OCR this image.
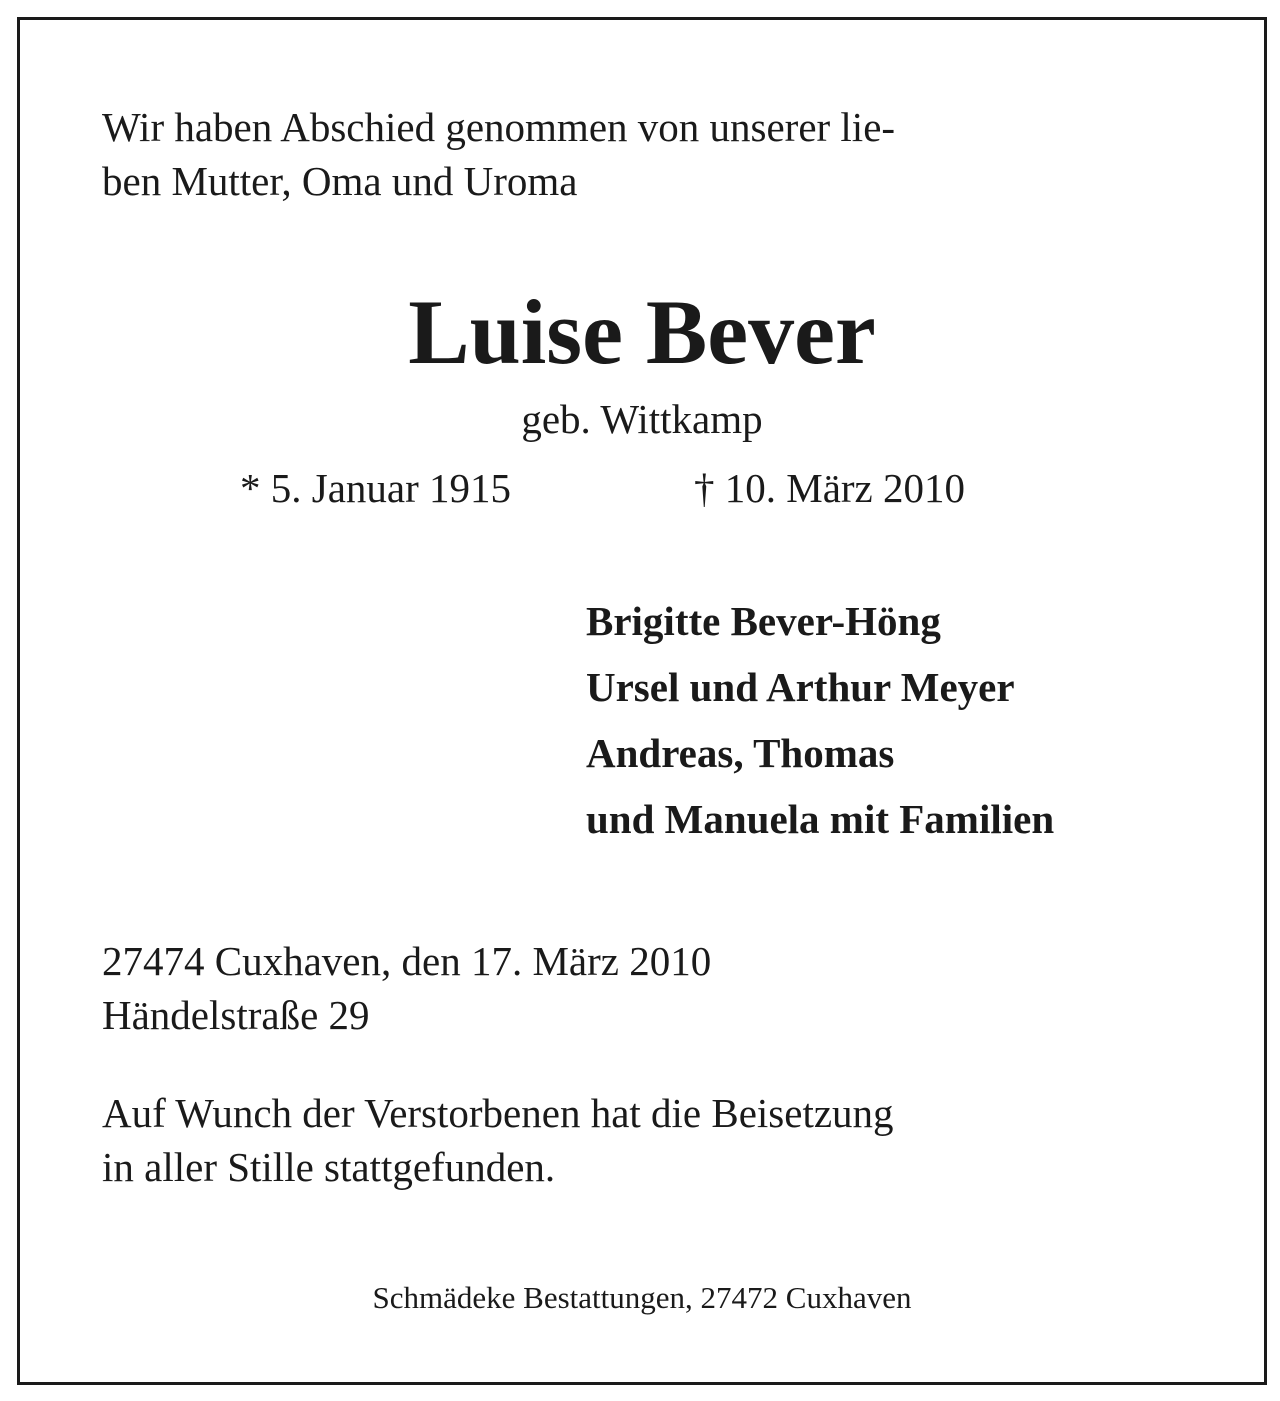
Wir haben Abschied genommen von unserer lie-
ben Mutter, Oma und Uroma
Luise Bever
geb. Wittkamp
* 5. Januar 1915	† 10. März 2010
Brigitte Bever-Höng
Ursel und Arthur Meyer
Andreas, Thomas
und Manuela mit Familien
27474 Cuxhaven, den 17. März 2010
Händelstraße 29
Auf Wunch der Verstorbenen hat die Beisetzung
in aller Stille stattgefunden.
Schmädeke Bestattungen, 27472 Cuxhaven
